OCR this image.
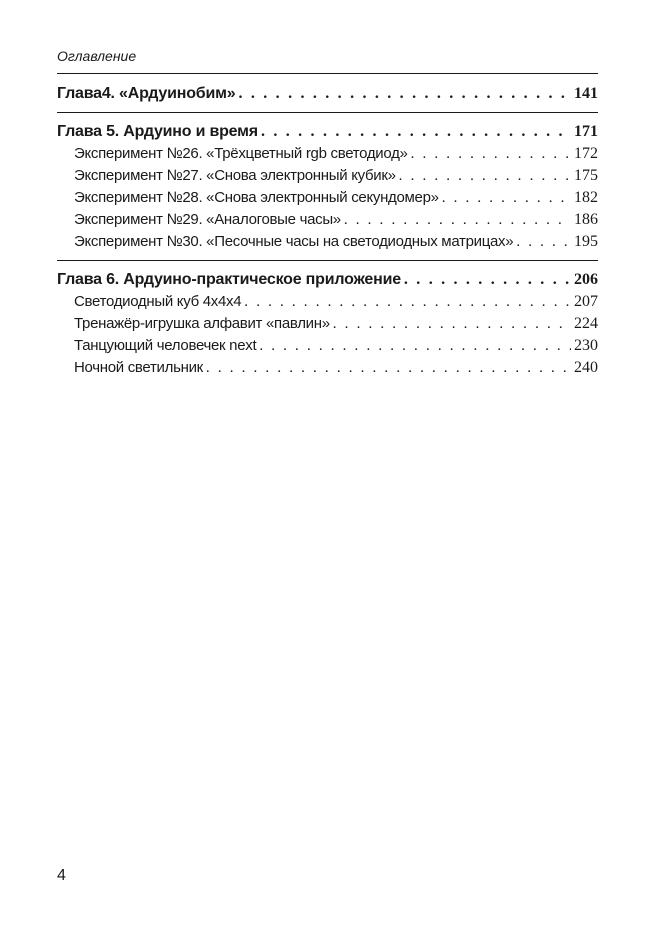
Оглавление
Глава4. «Ардуинобим» . . .	141
Глава 5. Ардуино и время . . .	171
Эксперимент №26. «Трёхцветный rgb светодиод» . . .	172
Эксперимент №27. «Снова электронный кубик» . . .	175
Эксперимент №28. «Снова электронный секундомер» . . .	182
Эксперимент №29. «Аналоговые часы» . . .	186
Эксперимент №30. «Песочные часы на светодиодных матрицах» . . .	195
Глава 6. Ардуино-практическое приложение . . .	206
Светодиодный куб 4х4х4 . . .	207
Тренажёр-игрушка алфавит «павлин» . . .	224
Танцующий человечек next . . .	230
Ночной светильник . . .	240
4
